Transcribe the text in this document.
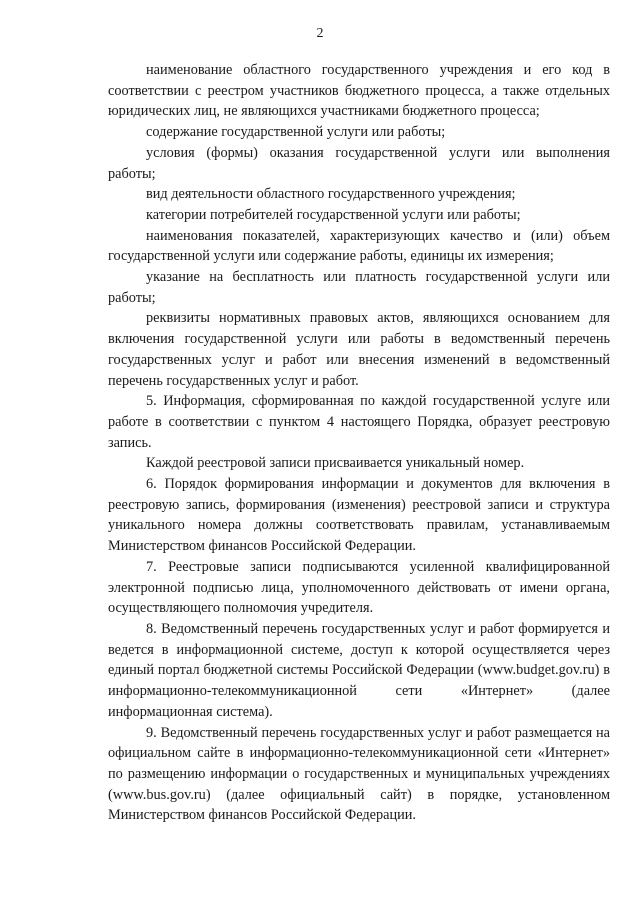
2

наименование областного государственного учреждения и его код в соответствии с реестром участников бюджетного процесса, а также отдельных юридических лиц, не являющихся участниками бюджетного процесса;

содержание государственной услуги или работы;

условия (формы) оказания государственной услуги или выполнения работы;

вид деятельности областного государственного учреждения;

категории потребителей государственной услуги или работы;

наименования показателей, характеризующих качество и (или) объем государственной услуги или содержание работы, единицы их измерения;

указание на бесплатность или платность государственной услуги или работы;

реквизиты нормативных правовых актов, являющихся основанием для включения государственной услуги или работы в ведомственный перечень государственных услуг и работ или внесения изменений в ведомственный перечень государственных услуг и работ.

5. Информация, сформированная по каждой государственной услуге или работе в соответствии с пунктом 4 настоящего Порядка, образует реестровую запись.

Каждой реестровой записи присваивается уникальный номер.

6. Порядок формирования информации и документов для включения в реестровую запись, формирования (изменения) реестровой записи и структура уникального номера должны соответствовать правилам, устанавливаемым Министерством финансов Российской Федерации.

7. Реестровые записи подписываются усиленной квалифицированной электронной подписью лица, уполномоченного действовать от имени органа, осуществляющего полномочия учредителя.

8. Ведомственный перечень государственных услуг и работ формируется и ведется в информационной системе, доступ к которой осуществляется через единый портал бюджетной системы Российской Федерации (www.budget.gov.ru) в информационно-телекоммуникационной сети «Интернет» (далее информационная система).

9. Ведомственный перечень государственных услуг и работ размещается на официальном сайте в информационно-телекоммуникационной сети «Интернет» по размещению информации о государственных и муниципальных учреждениях (www.bus.gov.ru) (далее официальный сайт) в порядке, установленном Министерством финансов Российской Федерации.
